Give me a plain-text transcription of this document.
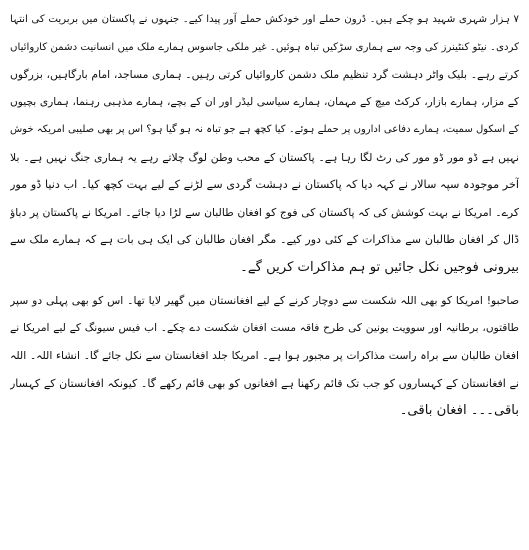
۷ ہزار شہری شہید ہو چکے ہیں۔ ڈرون حملے اور خودکش حملے آور پیدا کیے۔ جنہوں نے پاکستان میں بربریت کی انتہا
کردی۔ نیٹو کنٹینرز کی وجہ سے ہماری سڑکیں تباہ ہوئیں۔ غیر ملکی جاسوس ہمارے ملک میں انسانیت دشمن کاروائیاں
کرتے رہے۔ بلیک واٹر دہشت گرد تنظیم ملک دشمن کاروائیاں کرتی رہیں۔ ہماری مساجد، امام بارگاہیں، بزرگوں
کے مزار، ہمارے بازار، کرکٹ میچ کے مہمان، ہمارے سیاسی لیڈر اور ان کے بچے، ہمارے مذہبی رہنما، ہماری بچیوں
کے اسکول سمیت، ہمارے دفاعی اداروں پر حملے ہوئے۔ کیا کچھ ہے جو تباہ نہ ہو گیا ہو؟ اس پر بھی صلیبی امریکہ خوش
نہیں ہے ڈو مور ڈو مور کی رٹ لگا رہا ہے۔ پاکستان کے محب وطن لوگ چلاتے رہے یہ ہماری جنگ نہیں ہے۔ بلا
آخر موجودہ سپہ سالار نے کہہ دیا کہ پاکستان نے دہشت گردی سے لڑنے کے لیے بہت کچھ کیا۔ اب دنیا ڈو مور
کرے۔ امریکا نے بہت کوشش کی کہ پاکستان کی فوج کو افغان طالبان سے لڑا دیا جائے۔ امریکا نے پاکستان پر دباؤ
ڈال کر افغان طالبان سے مذاکرات کے کئی دور کیے۔ مگر افغان طالبان کی ایک ہی بات ہے کہ ہمارے ملک سے
بیرونی فوجیں نکل جائیں تو ہم مذاکرات کریں گے۔
صاحبو! امریکا کو بھی اللہ شکست سے دوچار کرنے کے لیے افغانستان میں گھیر لایا تھا۔ اس کو بھی پہلی دو سپر
طاقتوں، برطانیہ اور سوویت یونین کی طرح فاقہ مست افغان شکست دے چکے۔ اب فیس سیونگ کے لیے امریکا نے
افغان طالبان سے براہ راست مذاکرات پر مجبور ہوا ہے۔ امریکا جلد افغانستان سے نکل جائے گا۔ انشاء اللہ۔ اللہ
نے افغانستان کے کہساروں کو جب تک قائم رکھنا ہے افغانوں کو بھی قائم رکھے گا۔ کیونکہ افغانستان کے کہسار
باقی۔۔۔ افغان باقی۔
